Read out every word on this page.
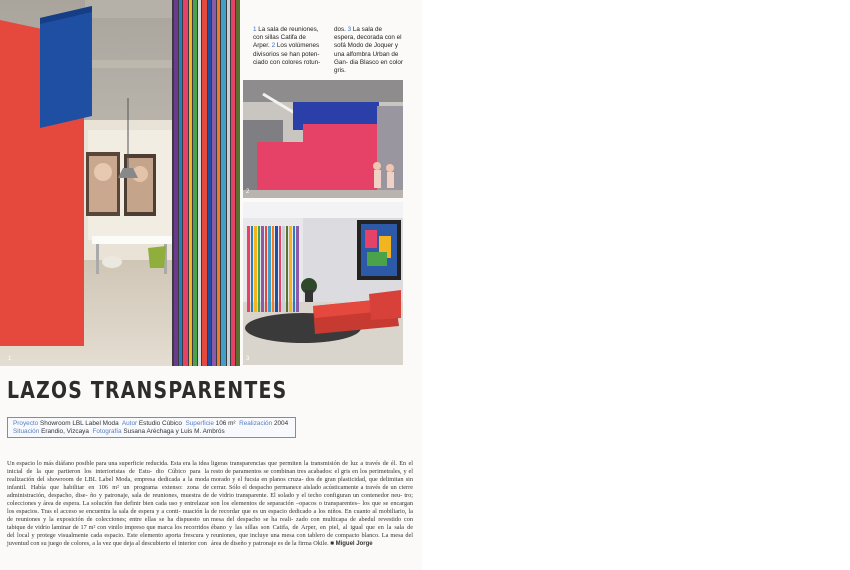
1
1 La sala de reuniones, con sillas Catifa de Arper. 2 Los volúmenes divisorios se han poten- ciado con colores rotun-
dos. 3 La sala de espera, decorada con el sofá Modo de Joquer y una alfombra Urban de Gan- dia Blasco en color gris.
2
3
LAZOS TRANSPARENTES
Proyecto Showroom LBL Label Moda Autor Estudio Cúbico Superficie 106 m² Realización 2004
Situación Erandio, Vizcaya Fotografía Susana Aréchaga y Luis M. Ambrós
Un espacio lo más diáfano posible para una superficie reducida. Esta era la idea inicial de la que partieron los interioristas de Estu- dio Cúbico para la realización del showroom de LBL Label Moda, empresa dedicada a la moda infantil. Había que habilitar en 106 m² un programa extenso: zona de administración, despacho, dise- ño y patronaje, sala de reuniones, muestra de colecciones y área de espera. La solución fue definir bien cada uso y entrelazar los espacios. Tras el acceso se encuentra la sala de espera y a conti- nuación la de reuniones y la exposición de colecciones; entre ellas se ha dispuesto un tabique de vidrio laminar de 17 m² con vinilo impreso que marca los recorridos del local y protege visualmente cada espacio. Este elemento aporta frescura y juventud con su juego de colores, a la vez que deja al descubierto el interior con
ligeras transparencias que permiten la transmisión de luz a través de él. En el resto de paramentos se combinan tres acabados: el gris en los perimetrales, y el morado y el fucsia en planos cruza- dos de gran plasticidad, que delimitan sin cerrar. Sólo el despacho permanece aislado acústicamente a través de un cierre de vidrio transparente. El solado y el techo configuran un contenedor neu- tro; son los elementos de separación –opacos o transparentes– los que se encargan de recordar que es un espacio dedicado a los niños. En cuanto al mobiliario, la mesa del despacho se ha reali- zado con multicapa de abedul revestido con ébano y las sillas son Catifa, de Arper, en piel, al igual que en la sala de reuniones, que incluye una mesa con tablero de compacto blanco. La mesa del área de diseño y patronaje es de la firma Okile. ■ Miguel Jorge
